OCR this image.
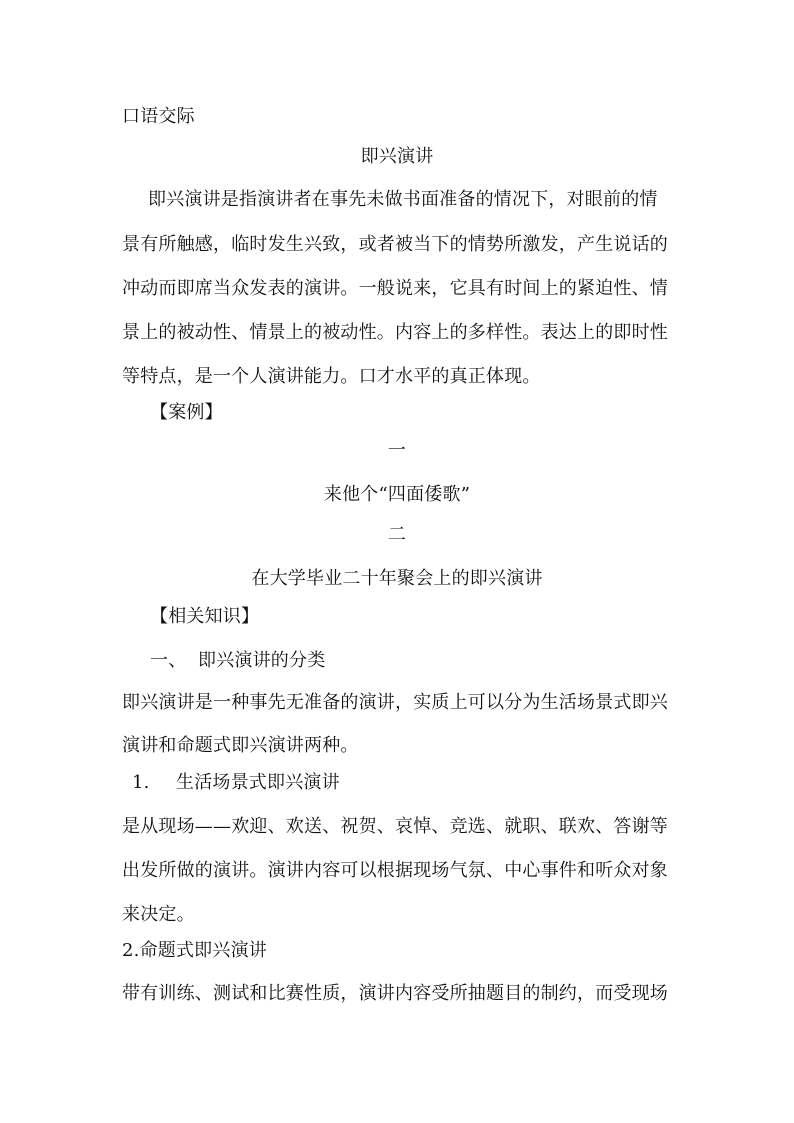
口语交际
即兴演讲
即兴演讲是指演讲者在事先未做书面准备的情况下，对眼前的情
景有所触感，临时发生兴致，或者被当下的情势所激发，产生说话的
冲动而即席当众发表的演讲。一般说来，它具有时间上的紧迫性、情
景上的被动性、情景上的被动性。内容上的多样性。表达上的即时性
等特点，是一个人演讲能力。口才水平的真正体现。
【案例】
一
来他个“四面倭歌”
二
在大学毕业二十年聚会上的即兴演讲
【相关知识】
一、 即兴演讲的分类
即兴演讲是一种事先无准备的演讲，实质上可以分为生活场景式即兴
演讲和命题式即兴演讲两种。
1.	生活场景式即兴演讲
是从现场——欢迎、欢送、祝贺、哀悼、竞选、就职、联欢、答谢等
出发所做的演讲。演讲内容可以根据现场气氛、中心事件和听众对象
来决定。
2.命题式即兴演讲
带有训练、测试和比赛性质，演讲内容受所抽题目的制约，而受现场
